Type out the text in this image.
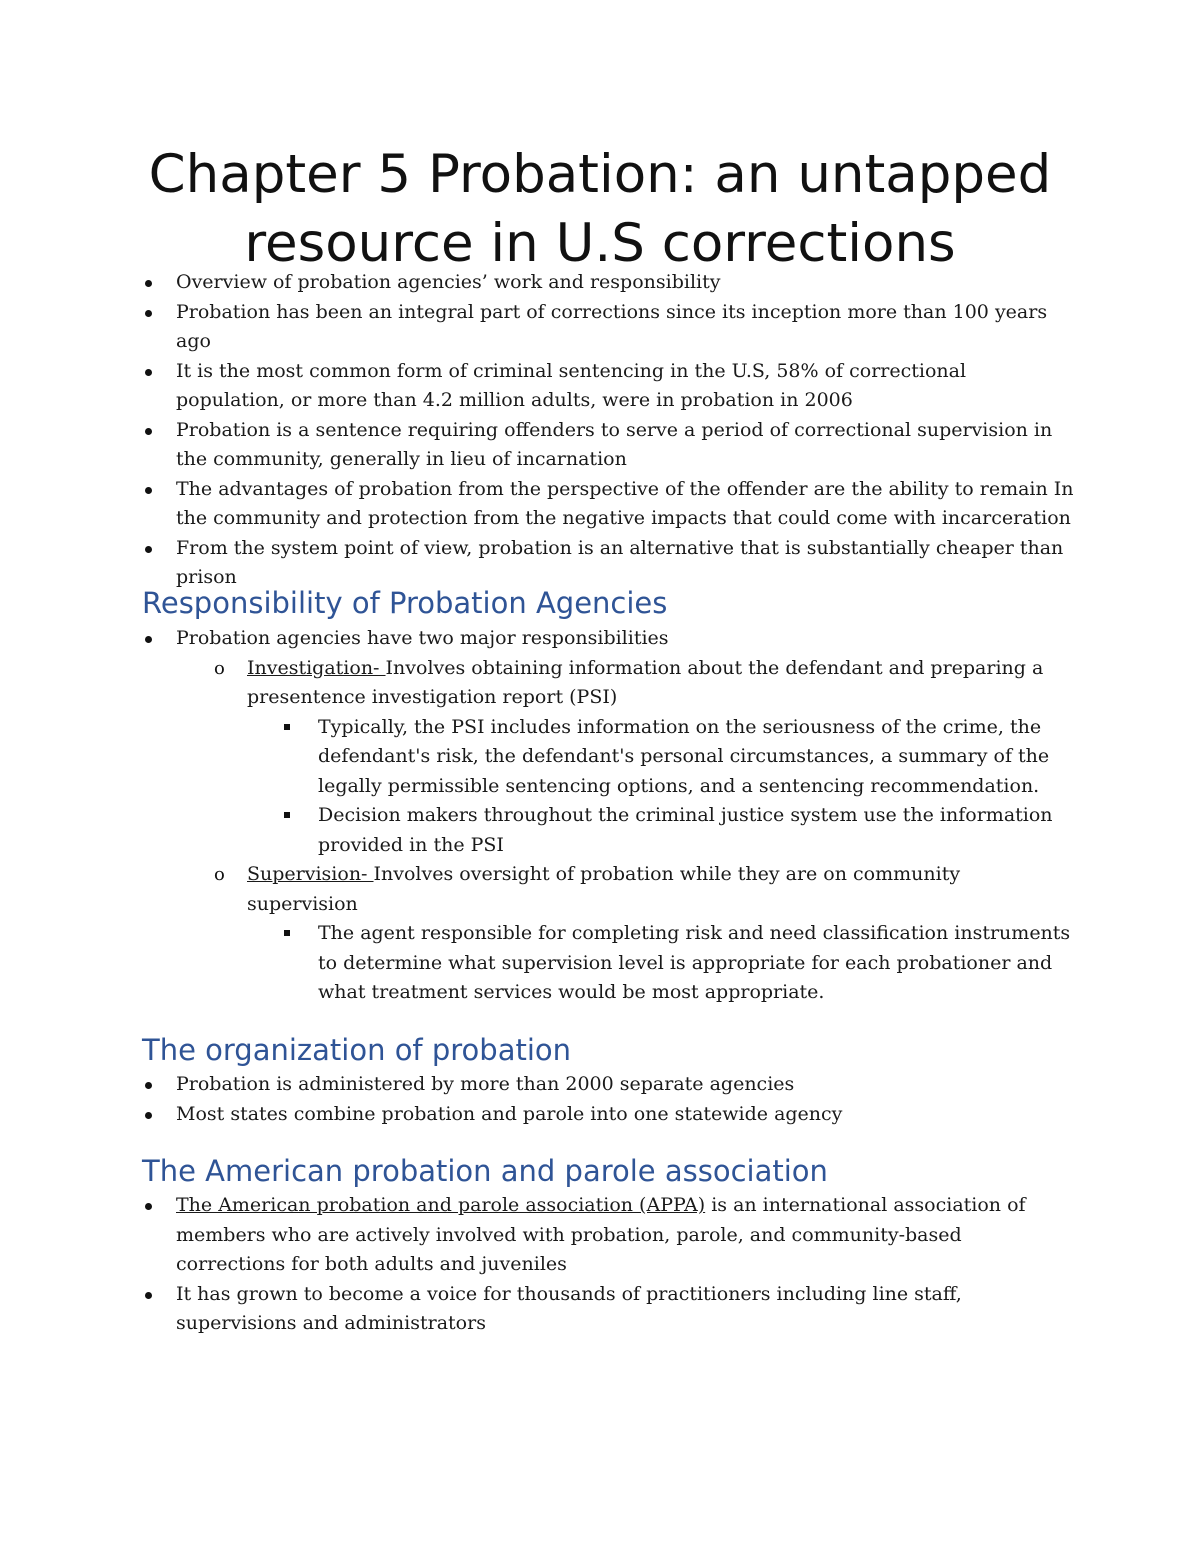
Chapter 5 Probation: an untapped resource in U.S corrections
Overview of probation agencies’ work and responsibility
Probation has been an integral part of corrections since its inception more than 100 years ago
It is the most common form of criminal sentencing in the U.S, 58% of correctional population, or more than 4.2 million adults, were in probation in 2006
Probation is a sentence requiring offenders to serve a period of correctional supervision in the community, generally in lieu of incarnation
The advantages of probation from the perspective of the offender are the ability to remain In the community and protection from the negative impacts that could come with incarceration
From the system point of view, probation is an alternative that is substantially cheaper than prison
Responsibility of Probation Agencies
Probation agencies have two major responsibilities
o Investigation- Involves obtaining information about the defendant and preparing a presentence investigation report (PSI)
Typically, the PSI includes information on the seriousness of the crime, the defendant's risk, the defendant's personal circumstances, a summary of the legally permissible sentencing options, and a sentencing recommendation.
Decision makers throughout the criminal justice system use the information provided in the PSI
o Supervision- Involves oversight of probation while they are on community supervision
The agent responsible for completing risk and need classification instruments to determine what supervision level is appropriate for each probationer and what treatment services would be most appropriate.
The organization of probation
Probation is administered by more than 2000 separate agencies
Most states combine probation and parole into one statewide agency
The American probation and parole association
The American probation and parole association (APPA) is an international association of members who are actively involved with probation, parole, and community-based corrections for both adults and juveniles
It has grown to become a voice for thousands of practitioners including line staff, supervisions and administrators
